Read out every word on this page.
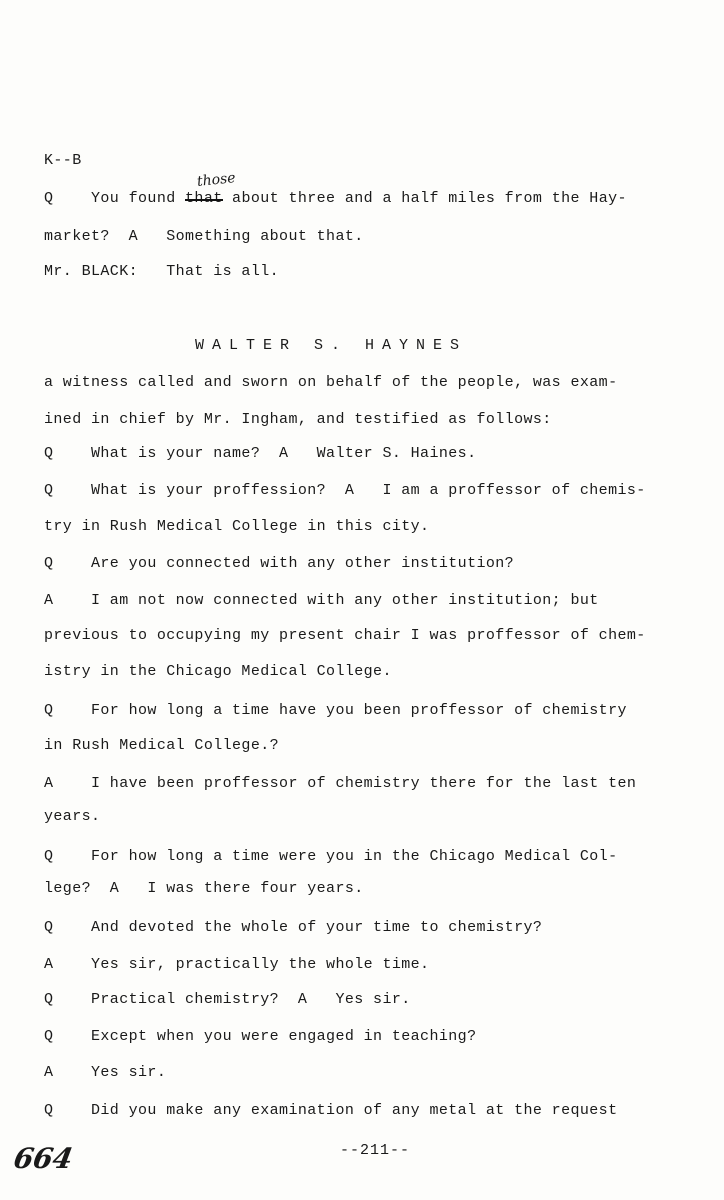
K--B
those
Q    You found that about three and a half miles from the Hay-
market?  A   Something about that.
Mr. BLACK:   That is all.
WALTER S. HAYNES
a witness called and sworn on behalf of the people, was exam-
ined in chief by Mr. Ingham, and testified as follows:
Q    What is your name?  A   Walter S. Haines.
Q    What is your proffession?  A   I am a proffessor of chemis-
try in Rush Medical College in this city.
Q    Are you connected with any other institution?
A    I am not now connected with any other institution; but
previous to occupying my present chair I was proffessor of chem-
istry in the Chicago Medical College.
Q    For how long a time have you been proffessor of chemistry
in Rush Medical College.?
A    I have been proffessor of chemistry there for the last ten
years.
Q    For how long a time were you in the Chicago Medical Col-
lege?  A   I was there four years.
Q    And devoted the whole of your time to chemistry?
A    Yes sir, practically the whole time.
Q    Practical chemistry?  A   Yes sir.
Q    Except when you were engaged in teaching?
A    Yes sir.
Q    Did you make any examination of any metal at the request
664	--211--
